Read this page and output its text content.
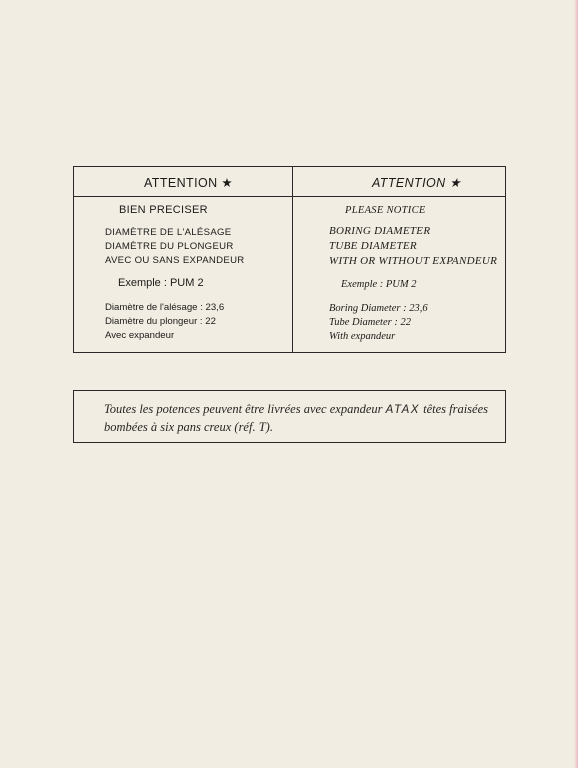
ATTENTION ★
BIEN PRECISER
DIAMÈTRE DE L'ALÉSAGE
DIAMÈTRE DU PLONGEUR
AVEC OU SANS EXPANDEUR
Exemple : PUM 2
Diamètre de l'alésage : 23,6
Diamètre du plongeur : 22
Avec expandeur
ATTENTION ★
PLEASE NOTICE
BORING DIAMETER
TUBE DIAMETER
WITH OR WITHOUT EXPANDEUR
Exemple : PUM 2
Boring Diameter : 23,6
Tube Diameter : 22
With expandeur
Toutes les potences peuvent être livrées avec expandeur ATAX têtes fraisées bombées à six pans creux (réf. T).
